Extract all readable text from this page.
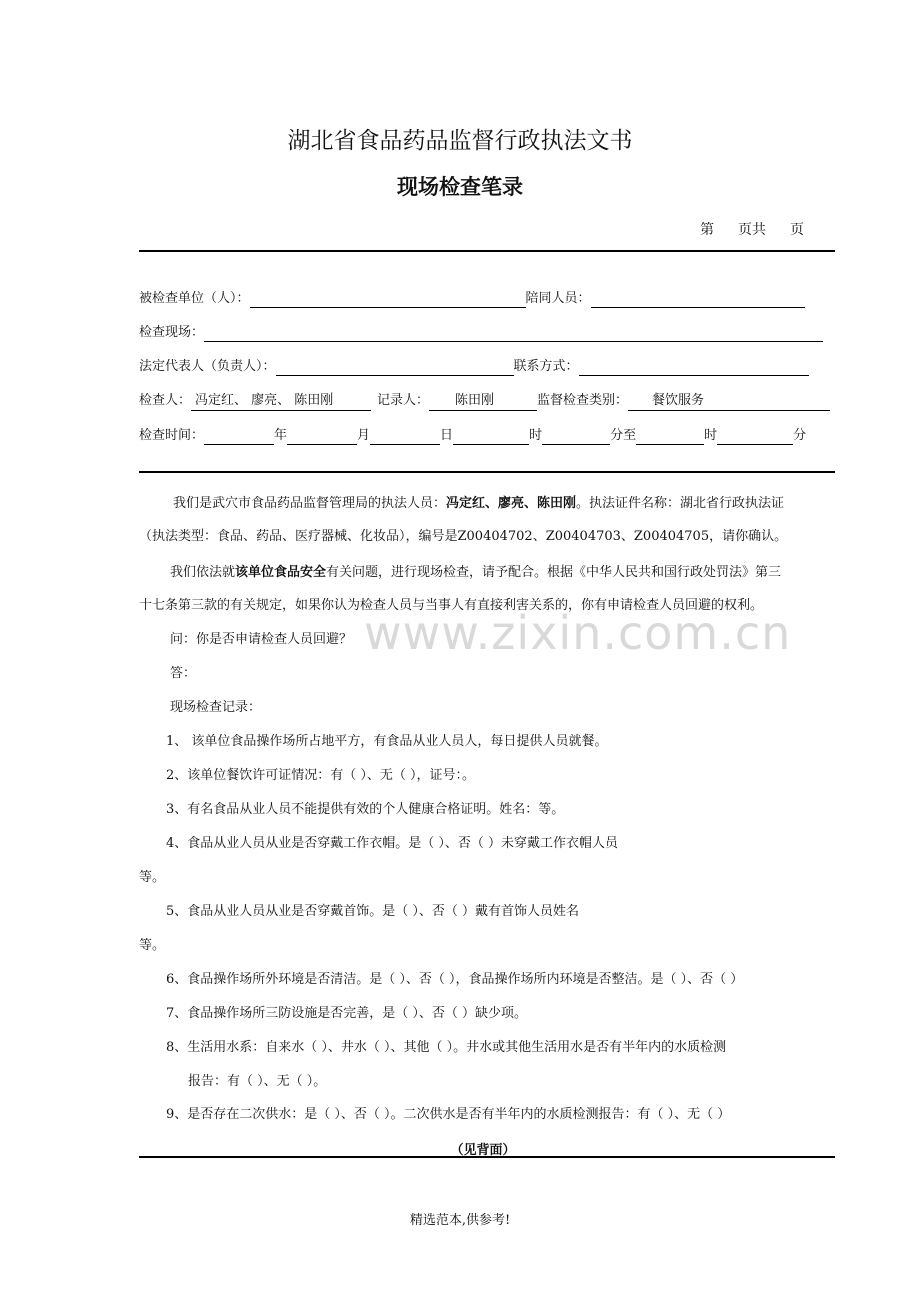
湖北省食品药品监督行政执法文书
现场检查笔录
第 页共 页
被检查单位（人）：	陪同人员：
检查现场：
法定代表人（负责人）：	联系方式：
检查人： 冯定红、 廖亮、 陈田刚	记录人： 陈田刚	监督检查类别： 餐饮服务
检查时间：	年	月	日	时	分至	时	分
www.zixin.com.cn
我们是武穴市食品药品监督管理局的执法人员：冯定红、廖亮、陈田刚。执法证件名称：湖北省行政执法证
（执法类型：食品、药品、医疗器械、化妆品），编号是Z00404702、Z00404703、Z00404705，请你确认。
我们依法就该单位食品安全有关问题，进行现场检查，请予配合。根据《中华人民共和国行政处罚法》第三
十七条第三款的有关规定，如果你认为检查人员与当事人有直接利害关系的，你有申请检查人员回避的权利。
问：你是否申请检查人员回避？
答：
现场检查记录：
1、 该单位食品操作场所占地平方，有食品从业人员人，每日提供人员就餐。
2、该单位餐饮许可证情况：有（ ）、无（ ），证号：。
3、有名食品从业人员不能提供有效的个人健康合格证明。姓名：等。
4、食品从业人员从业是否穿戴工作衣帽。是（ ）、否（ ）未穿戴工作衣帽人员
等。
5、食品从业人员从业是否穿戴首饰。是（ ）、否（ ）戴有首饰人员姓名
等。
6、食品操作场所外环境是否清洁。是（ ）、否（ ），食品操作场所内环境是否整洁。是（ ）、否（ ）
7、食品操作场所三防设施是否完善，是（ ）、否（ ）缺少项。
8、生活用水系：自来水（ ）、井水（ ）、其他（ ）。井水或其他生活用水是否有半年内的水质检测
报告：有（ ）、无（ ）。
9、是否存在二次供水：是（ ）、否（ ）。二次供水是否有半年内的水质检测报告：有（ ）、无（ ）
（见背面）
精选范本,供参考!
